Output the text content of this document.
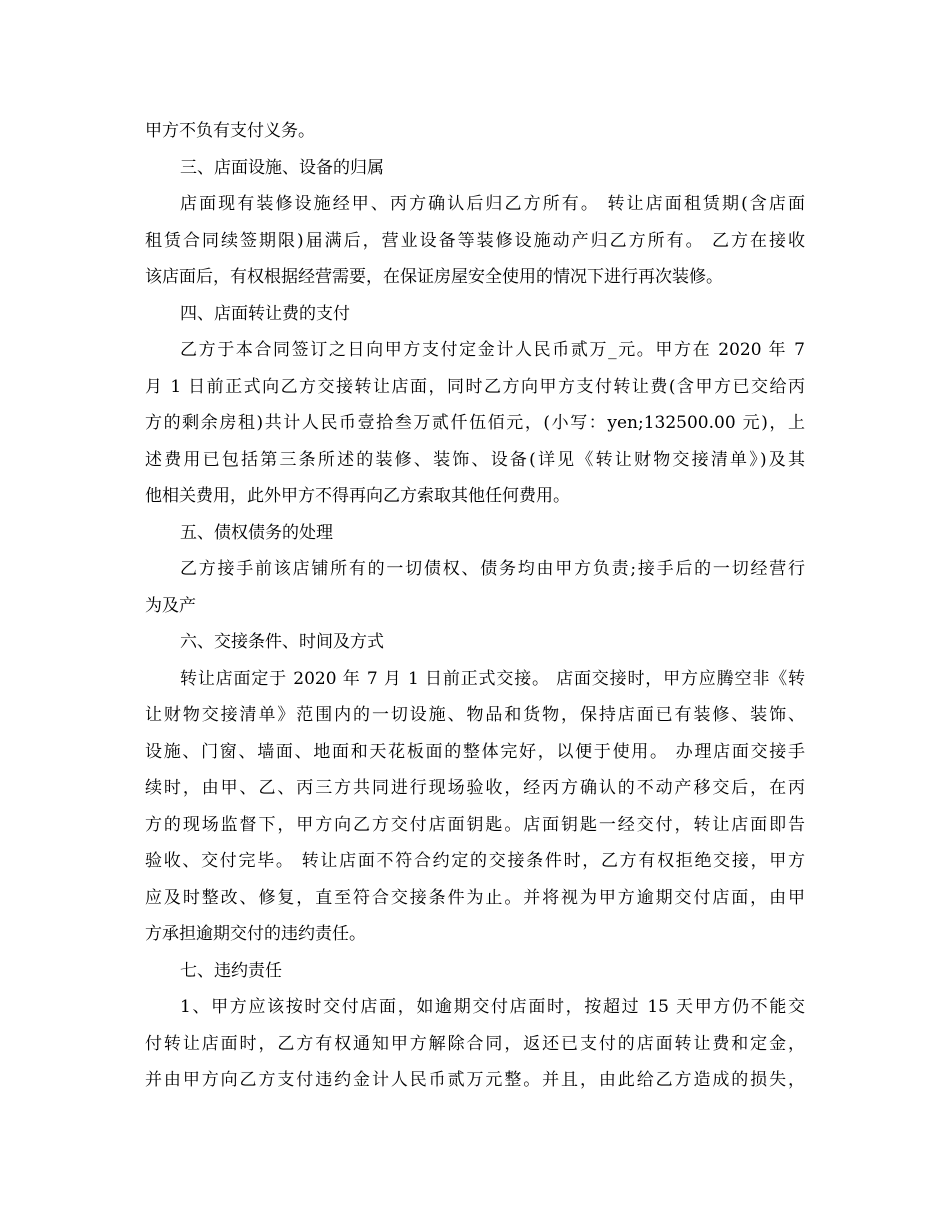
甲方不负有支付义务。
三、店面设施、设备的归属
店面现有装修设施经甲、丙方确认后归乙方所有。 转让店面租赁期(含店面
租赁合同续签期限)届满后，营业设备等装修设施动产归乙方所有。 乙方在接收
该店面后，有权根据经营需要，在保证房屋安全使用的情况下进行再次装修。
四、店面转让费的支付
乙方于本合同签订之日向甲方支付定金计人民币贰万_元。甲方在 2020 年 7
月 1 日前正式向乙方交接转让店面，同时乙方向甲方支付转让费(含甲方已交给丙
方的剩余房租)共计人民币壹拾叁万贰仟伍佰元，(小写：yen;132500.00 元)，上
述费用已包括第三条所述的装修、装饰、设备(详见《转让财物交接清单》)及其
他相关费用，此外甲方不得再向乙方索取其他任何费用。
五、债权债务的处理
乙方接手前该店铺所有的一切债权、债务均由甲方负责;接手后的一切经营行
为及产
六、交接条件、时间及方式
转让店面定于 2020 年 7 月 1 日前正式交接。 店面交接时，甲方应腾空非《转
让财物交接清单》范围内的一切设施、物品和货物，保持店面已有装修、装饰、
设施、门窗、墙面、地面和天花板面的整体完好，以便于使用。 办理店面交接手
续时，由甲、乙、丙三方共同进行现场验收，经丙方确认的不动产移交后，在丙
方的现场监督下，甲方向乙方交付店面钥匙。店面钥匙一经交付，转让店面即告
验收、交付完毕。 转让店面不符合约定的交接条件时，乙方有权拒绝交接，甲方
应及时整改、修复，直至符合交接条件为止。并将视为甲方逾期交付店面，由甲
方承担逾期交付的违约责任。
七、违约责任
1、甲方应该按时交付店面，如逾期交付店面时，按超过 15 天甲方仍不能交
付转让店面时，乙方有权通知甲方解除合同，返还已支付的店面转让费和定金，
并由甲方向乙方支付违约金计人民币贰万元整。并且，由此给乙方造成的损失，
